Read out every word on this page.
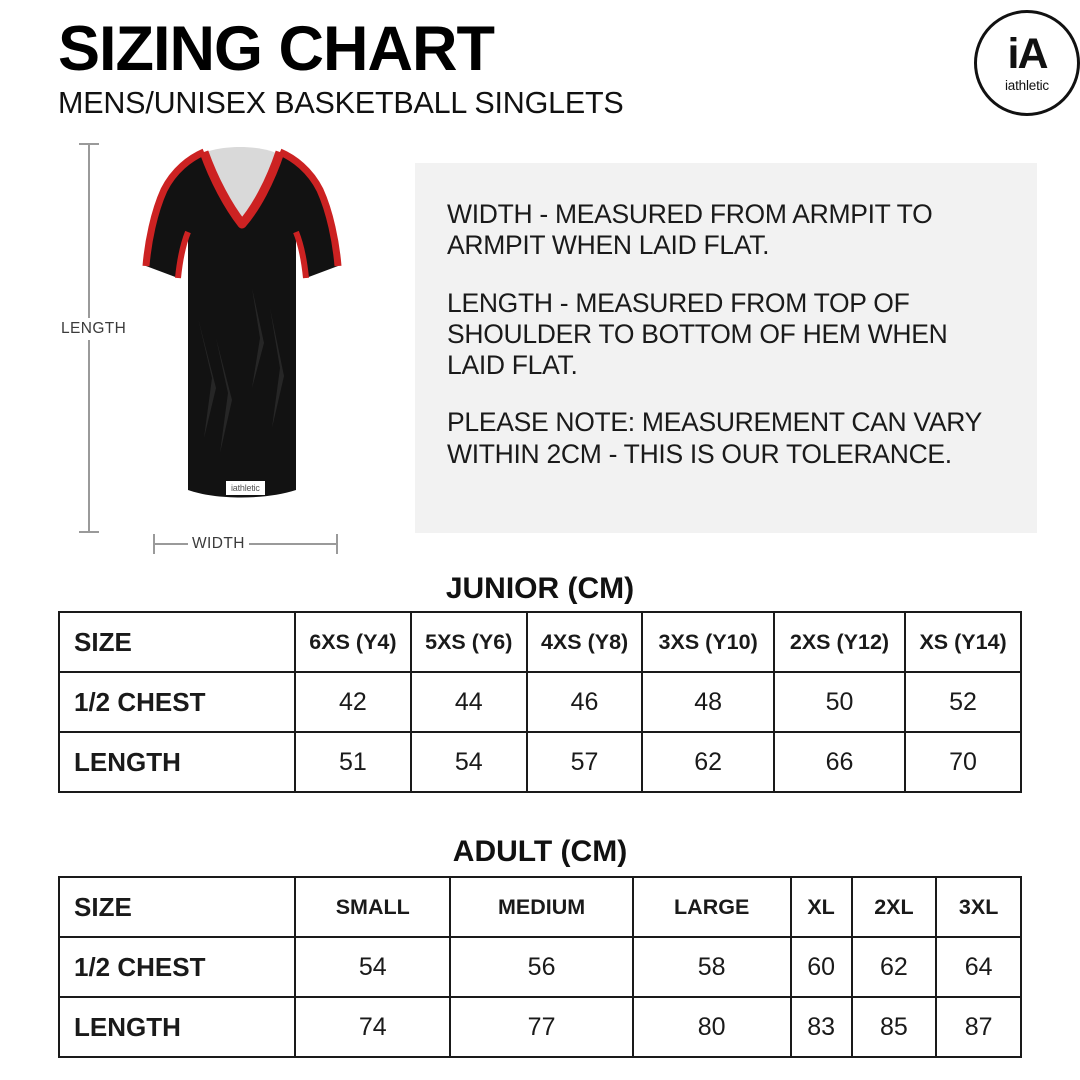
SIZING CHART
MENS/UNISEX BASKETBALL SINGLETS
iA
iathletic
LENGTH
iathletic
WIDTH

WIDTH - MEASURED FROM ARMPIT TO ARMPIT WHEN LAID FLAT.

LENGTH - MEASURED FROM TOP OF SHOULDER TO BOTTOM OF HEM WHEN LAID FLAT.

PLEASE NOTE: MEASUREMENT CAN VARY WITHIN 2CM - THIS IS OUR TOLERANCE.

JUNIOR (CM)
SIZE	6XS (Y4)	5XS (Y6)	4XS (Y8)	3XS (Y10)	2XS (Y12)	XS (Y14)
1/2 CHEST	42	44	46	48	50	52
LENGTH	51	54	57	62	66	70
ADULT (CM)
SIZE	SMALL	MEDIUM	LARGE	XL	2XL	3XL
1/2 CHEST	54	56	58	60	62	64
LENGTH	74	77	80	83	85	87
